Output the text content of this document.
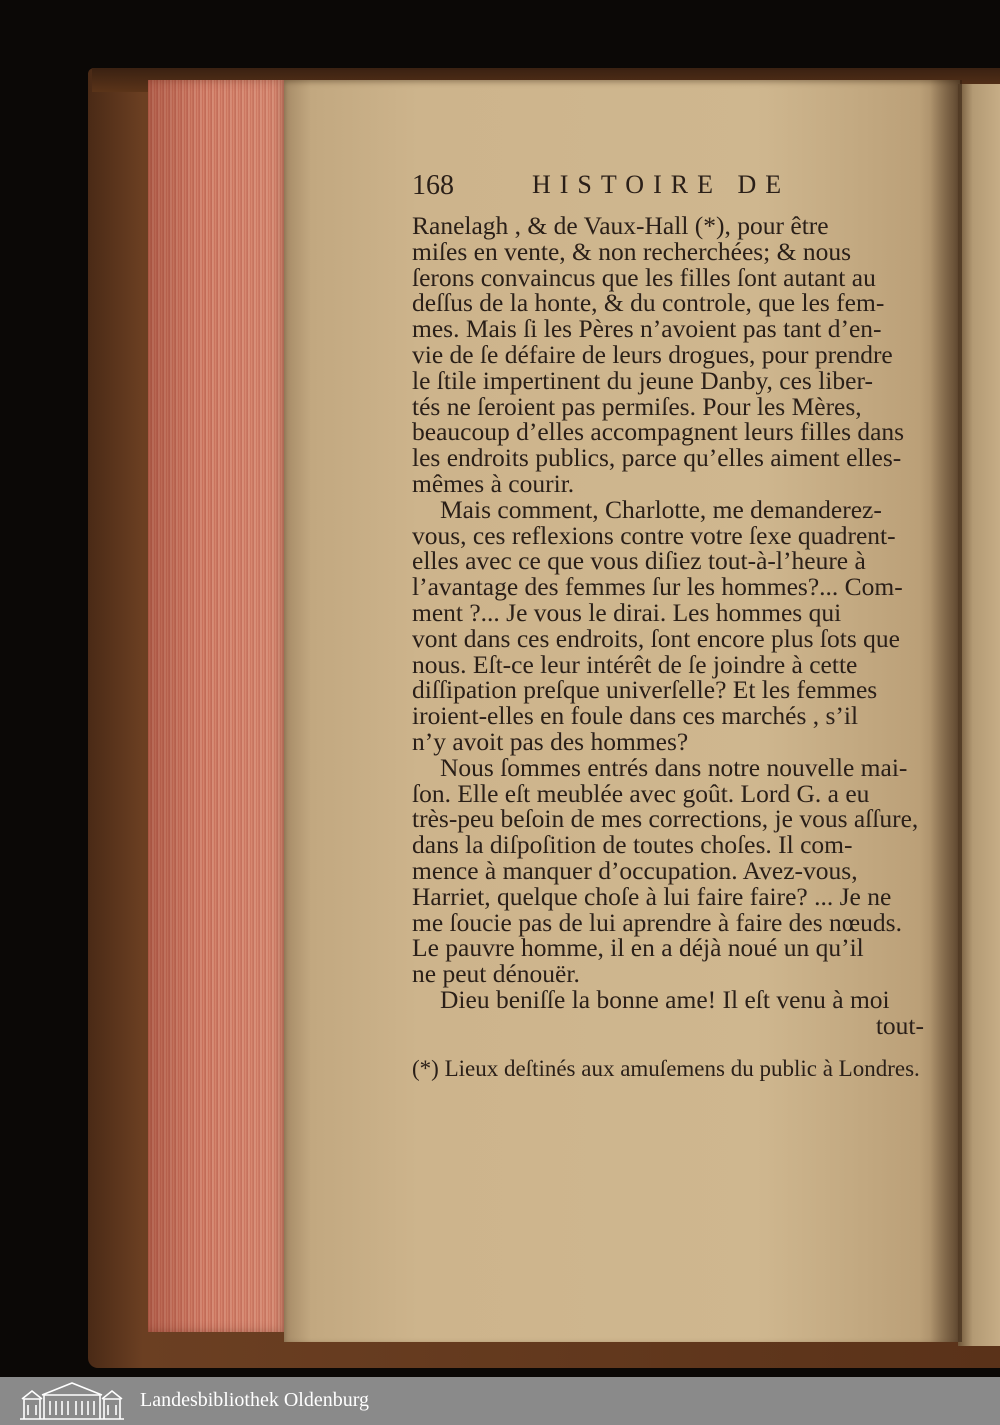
168	HISTOIRE DE
Ranelagh , & de Vaux-Hall (*), pour être
miſes en vente, & non recherchées; & nous
ſerons convaincus que les filles ſont autant au
deſſus de la honte, & du controle, que les fem-
mes. Mais ſi les Pères n’avoient pas tant d’en-
vie de ſe défaire de leurs drogues, pour prendre
le ſtile impertinent du jeune Danby, ces liber-
tés ne ſeroient pas permiſes. Pour les Mères,
beaucoup d’elles accompagnent leurs filles dans
les endroits publics, parce qu’elles aiment elles-
mêmes à courir.
Mais comment, Charlotte, me demanderez-
vous, ces reflexions contre votre ſexe quadrent-
elles avec ce que vous diſiez tout-à-l’heure à
l’avantage des femmes ſur les hommes?... Com-
ment ?... Je vous le dirai. Les hommes qui
vont dans ces endroits, ſont encore plus ſots que
nous. Eſt-ce leur intérêt de ſe joindre à cette
diſſipation preſque univerſelle? Et les femmes
iroient-elles en foule dans ces marchés , s’il
n’y avoit pas des hommes?
Nous ſommes entrés dans notre nouvelle mai-
ſon. Elle eſt meublée avec goût. Lord G. a eu
très-peu beſoin de mes corrections, je vous aſſure,
dans la diſpoſition de toutes choſes. Il com-
mence à manquer d’occupation. Avez-vous,
Harriet, quelque choſe à lui faire faire? ... Je ne
me ſoucie pas de lui aprendre à faire des nœuds.
Le pauvre homme, il en a déjà noué un qu’il
ne peut dénouër.
Dieu beniſſe la bonne ame! Il eſt venu à moi
tout-
(*) Lieux deſtinés aux amuſemens du public à Londres.
Landesbibliothek Oldenburg
